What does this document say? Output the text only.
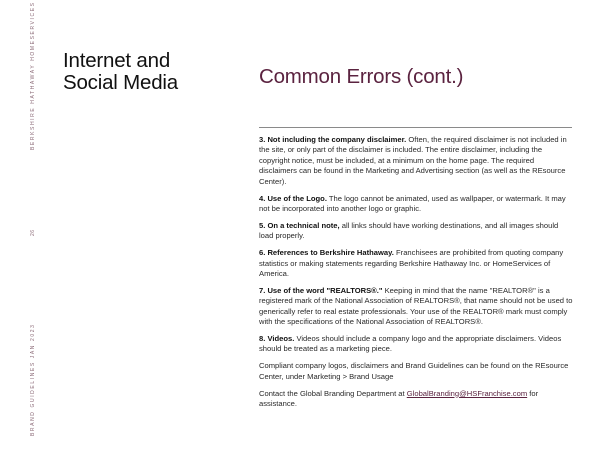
BERKSHIRE HATHAWAY HOMESERVICES
26
BRAND GUIDELINES JAN 2023
Internet and
Social Media	Common Errors (cont.)

3. Not including the company disclaimer. Often, the required disclaimer is not included in the site, or only part of the disclaimer is included. The entire disclaimer, including the copyright notice, must be included, at a minimum on the home page. The required disclaimers can be found in the Marketing and Advertising section (as well as the REsource Center).

4. Use of the Logo. The logo cannot be animated, used as wallpaper, or watermark. It may not be incorporated into another logo or graphic.

5. On a technical note, all links should have working destinations, and all images should load properly.

6. References to Berkshire Hathaway. Franchisees are prohibited from quoting company statistics or making statements regarding Berkshire Hathaway Inc. or HomeServices of America.

7. Use of the word "REALTORS®." Keeping in mind that the name "REALTOR®" is a registered mark of the National Association of REALTORS®, that name should not be used to generically refer to real estate professionals. Your use of the REALTOR® mark must comply with the specifications of the National Association of REALTORS®.

8. Videos. Videos should include a company logo and the appropriate disclaimers. Videos should be treated as a marketing piece.

Compliant company logos, disclaimers and Brand Guidelines can be found on the REsource Center, under Marketing > Brand Usage

Contact the Global Branding Department at GlobalBranding@HSFranchise.com for assistance.
